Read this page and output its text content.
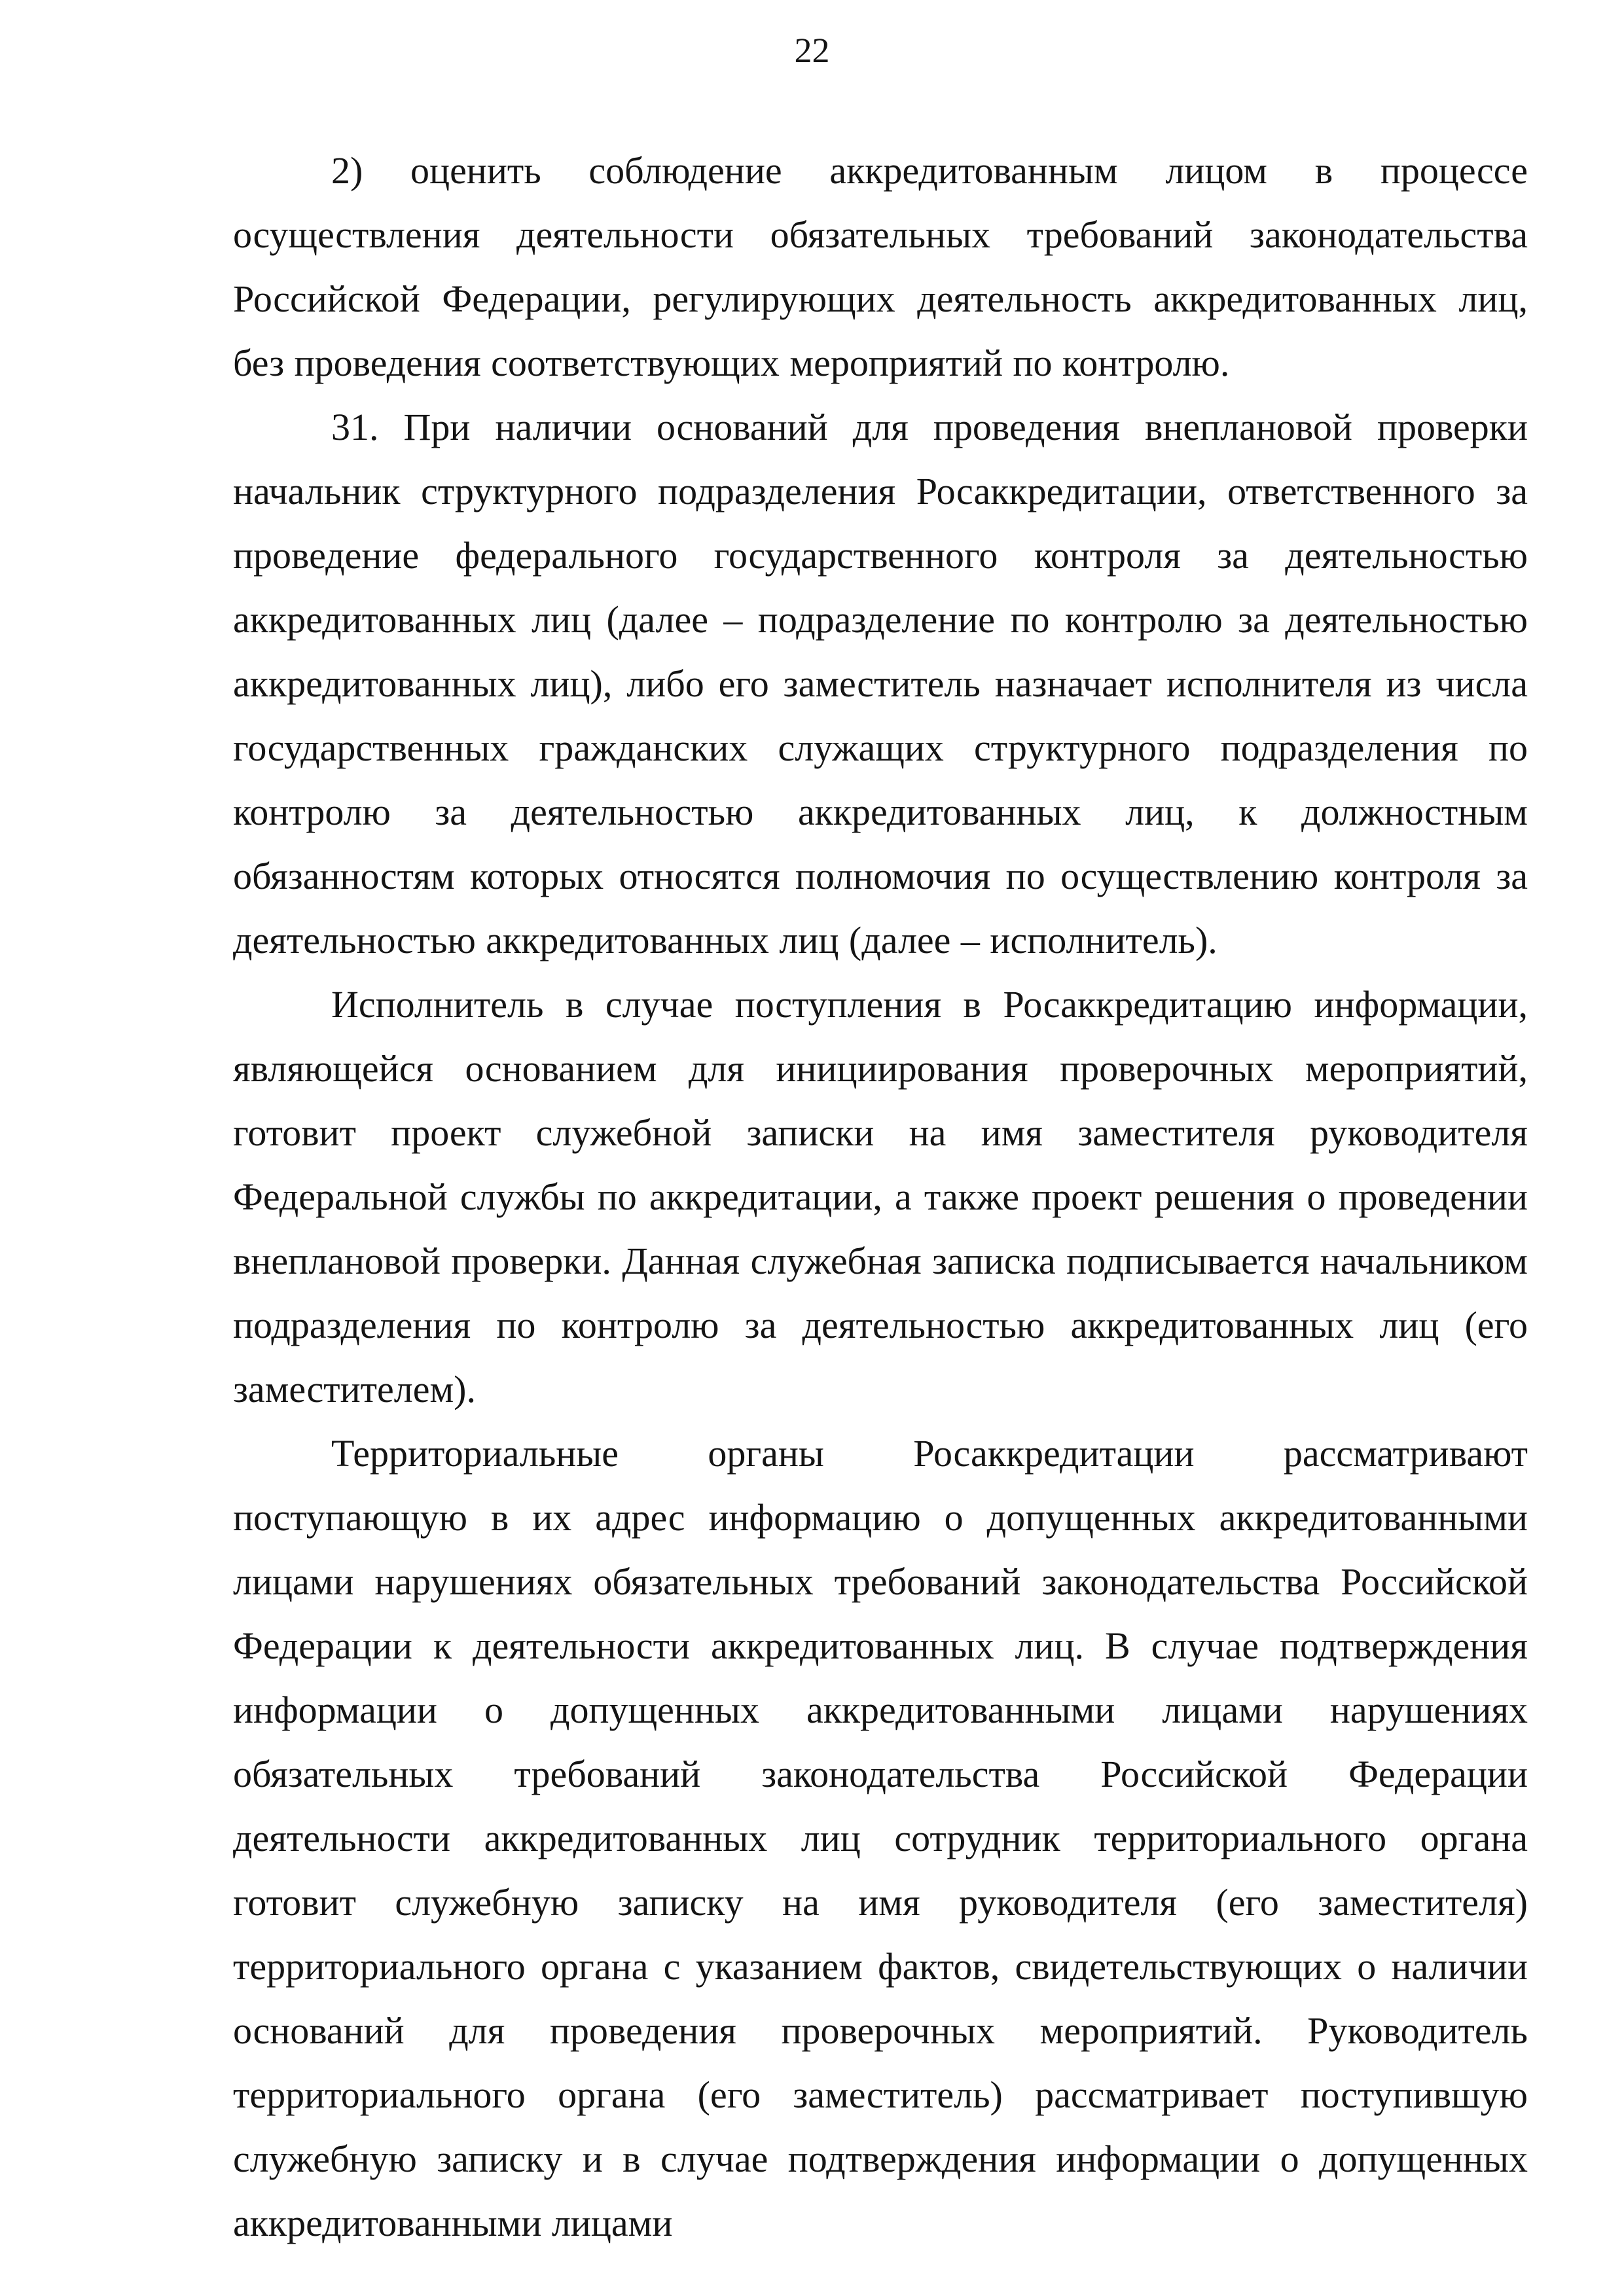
22

2) оценить соблюдение аккредитованным лицом в процессе осуществления деятельности обязательных требований законодательства Российской Федерации, регулирующих деятельность аккредитованных лиц, без проведения соответствующих мероприятий по контролю.

31. При наличии оснований для проведения внеплановой проверки начальник структурного подразделения Росаккредитации, ответственного за проведение федерального государственного контроля за деятельностью аккредитованных лиц (далее – подразделение по контролю за деятельностью аккредитованных лиц), либо его заместитель назначает исполнителя из числа государственных гражданских служащих структурного подразделения по контролю за деятельностью аккредитованных лиц, к должностным обязанностям которых относятся полномочия по осуществлению контроля за деятельностью аккредитованных лиц (далее – исполнитель).

Исполнитель в случае поступления в Росаккредитацию информации, являющейся основанием для инициирования проверочных мероприятий, готовит проект служебной записки на имя заместителя руководителя Федеральной службы по аккредитации, а также проект решения о проведении внеплановой проверки. Данная служебная записка подписывается начальником подразделения по контролю за деятельностью аккредитованных лиц (его заместителем).

Территориальные органы Росаккредитации рассматривают поступающую в их адрес информацию о допущенных аккредитованными лицами нарушениях обязательных требований законодательства Российской Федерации к деятельности аккредитованных лиц. В случае подтверждения информации о допущенных аккредитованными лицами нарушениях обязательных требований законодательства Российской Федерации деятельности аккредитованных лиц сотрудник территориального органа готовит служебную записку на имя руководителя (его заместителя) территориального органа с указанием фактов, свидетельствующих о наличии оснований для проведения проверочных мероприятий. Руководитель территориального органа (его заместитель) рассматривает поступившую служебную записку и в случае подтверждения информации о допущенных аккредитованными лицами
